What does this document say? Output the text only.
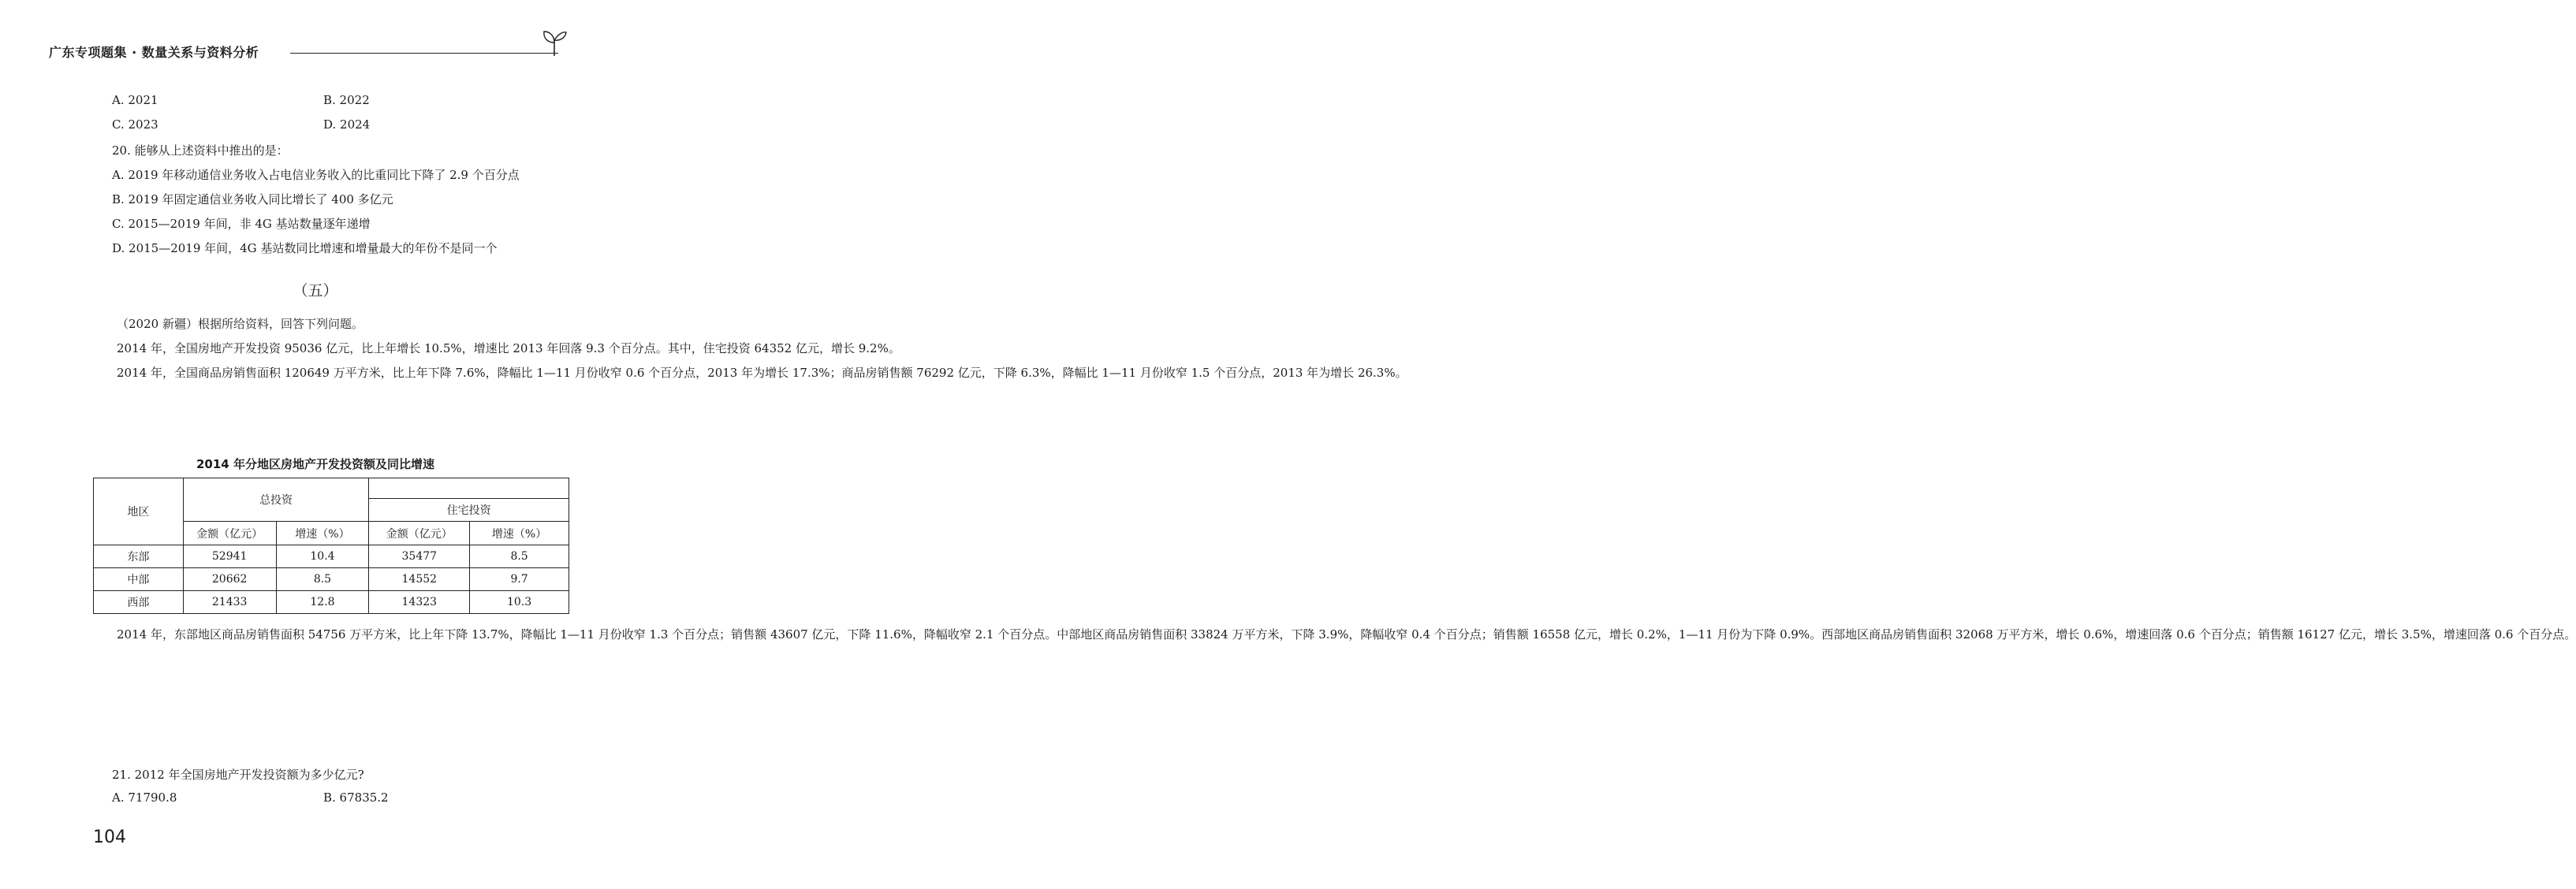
广东专项题集 · 数量关系与资料分析
A. 2021	B. 2022
C. 2023	D. 2024
20. 能够从上述资料中推出的是：
A. 2019 年移动通信业务收入占电信业务收入的比重同比下降了 2.9 个百分点
B. 2019 年固定通信业务收入同比增长了 400 多亿元
C. 2015—2019 年间，非 4G 基站数量逐年递增
D. 2015—2019 年间，4G 基站数同比增速和增量最大的年份不是同一个
（五）

（2020 新疆）根据所给资料，回答下列问题。

2014 年，全国房地产开发投资 95036 亿元，比上年增长 10.5%，增速比 2013 年回落 9.3 个百分点。其中，住宅投资 64352 亿元，增长 9.2%。

2014 年，全国商品房销售面积 120649 万平方米，比上年下降 7.6%，降幅比 1—11 月份收窄 0.6 个百分点，2013 年为增长 17.3%；商品房销售额 76292 亿元，下降 6.3%，降幅比 1—11 月份收窄 1.5 个百分点，2013 年为增长 26.3%。

2014 年分地区房地产开发投资额及同比增速
地区	总投资			
			住宅投资	
	金额（亿元）	增速（%）	金额（亿元）	增速（%）
东部	52941	10.4	35477	8.5
中部	20662	8.5	14552	9.7
西部	21433	12.8	14323	10.3

2014 年，东部地区商品房销售面积 54756 万平方米，比上年下降 13.7%，降幅比 1—11 月份收窄 1.3 个百分点；销售额 43607 亿元，下降 11.6%，降幅收窄 2.1 个百分点。中部地区商品房销售面积 33824 万平方米，下降 3.9%，降幅收窄 0.4 个百分点；销售额 16558 亿元，增长 0.2%，1—11 月份为下降 0.9%。西部地区商品房销售面积 32068 万平方米，增长 0.6%，增速回落 0.6 个百分点；销售额 16127 亿元，增长 3.5%，增速回落 0.6 个百分点。

21. 2012 年全国房地产开发投资额为多少亿元?
A. 71790.8	B. 67835.2
104
